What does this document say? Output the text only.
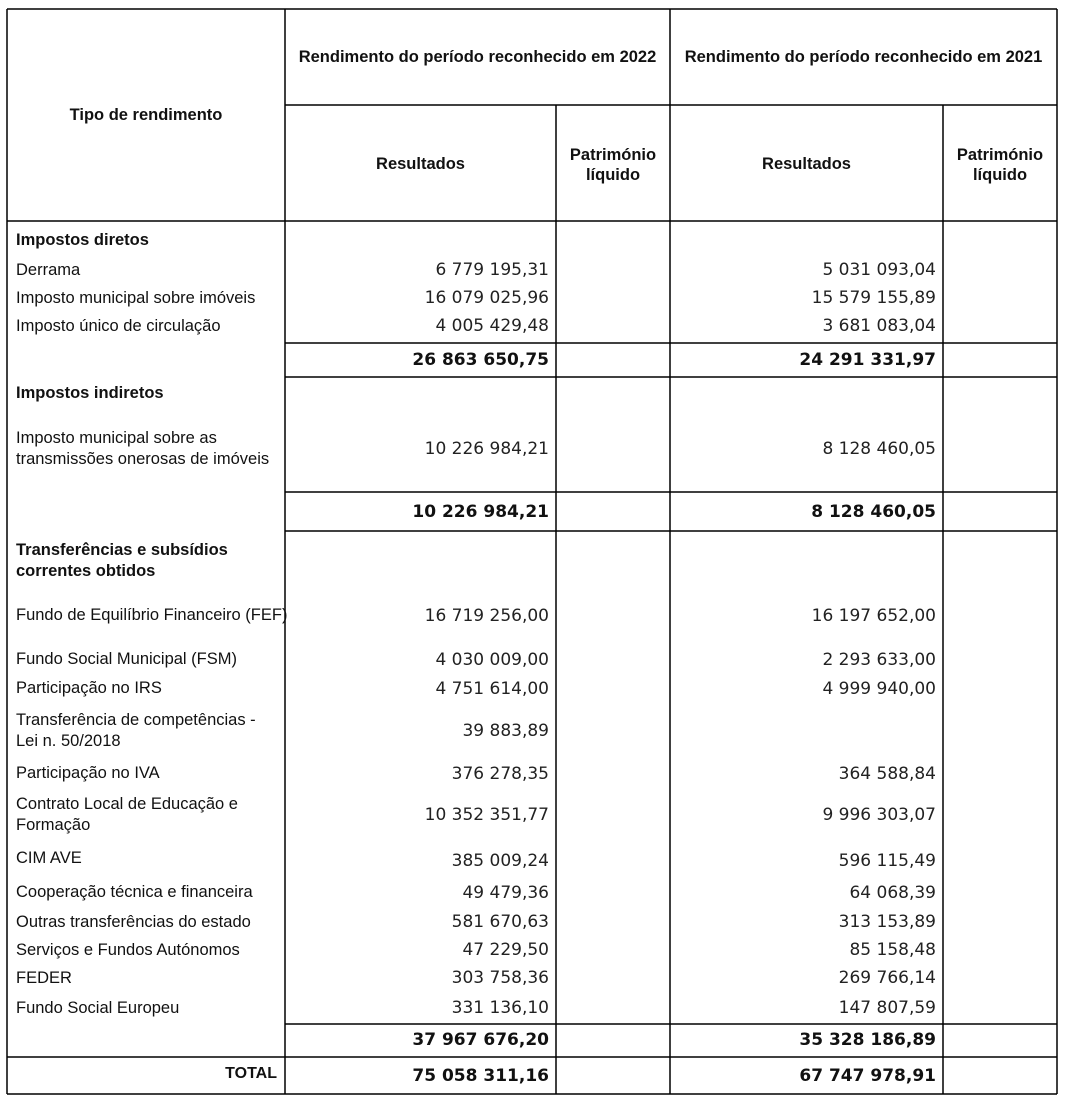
Tipo de rendimento
Rendimento do período reconhecido em 2022	Rendimento do período reconhecido em 2021
Resultados	Património líquido
Resultados	Património líquido
Impostos diretos
Derrama	6 779 195,31	5 031 093,04
Imposto municipal sobre imóveis	16 079 025,96	15 579 155,89
Imposto único de circulação	4 005 429,48	3 681 083,04
26 863 650,75	24 291 331,97
Impostos indiretos
Imposto municipal sobre as transmissões onerosas de imóveis	10 226 984,21	8 128 460,05
10 226 984,21	8 128 460,05
Transferências e subsídios correntes obtidos
Fundo de Equilíbrio Financeiro (FEF)	16 719 256,00	16 197 652,00
Fundo Social Municipal (FSM)	4 030 009,00	2 293 633,00
Participação no IRS	4 751 614,00	4 999 940,00
Transferência de competências - Lei n. 50/2018	39 883,89
Participação no IVA	376 278,35	364 588,84
Contrato Local de Educação e Formação	10 352 351,77	9 996 303,07
CIM AVE	385 009,24	596 115,49
Cooperação técnica e financeira	49 479,36	64 068,39
Outras transferências do estado	581 670,63	313 153,89
Serviços e Fundos Autónomos	47 229,50	85 158,48
FEDER	303 758,36	269 766,14
Fundo Social Europeu	331 136,10	147 807,59
37 967 676,20	35 328 186,89
TOTAL	75 058 311,16	67 747 978,91
